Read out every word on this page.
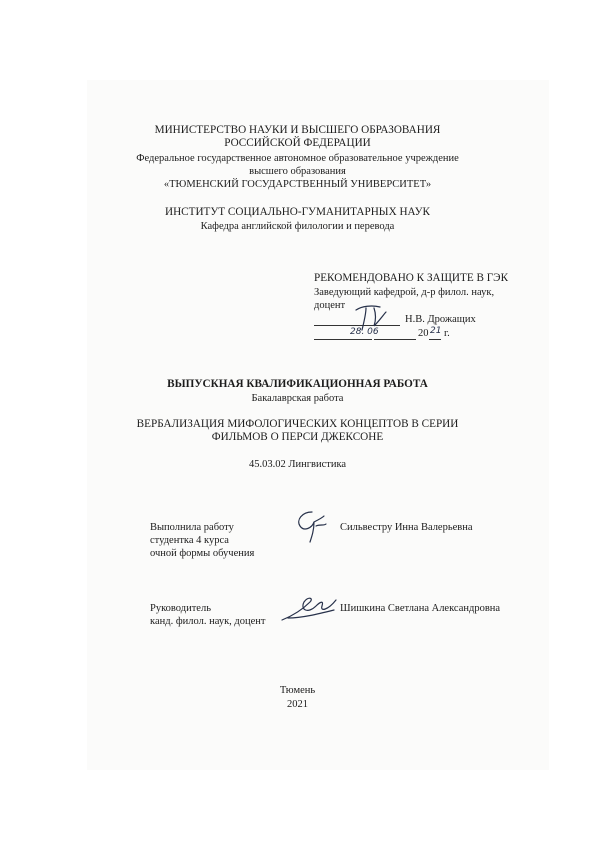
МИНИСТЕРСТВО НАУКИ И ВЫСШЕГО ОБРАЗОВАНИЯ
РОССИЙСКОЙ ФЕДЕРАЦИИ
Федеральное государственное автономное образовательное учреждение
высшего образования
«ТЮМЕНСКИЙ ГОСУДАРСТВЕННЫЙ УНИВЕРСИТЕТ»
ИНСТИТУТ СОЦИАЛЬНО-ГУМАНИТАРНЫХ НАУК
Кафедра английской филологии и перевода
РЕКОМЕНДОВАНО К ЗАЩИТЕ В ГЭК
Заведующий кафедрой, д-р филол. наук,
доцент
Н.В. Дрожащих
28. 06	20 21 г.
ВЫПУСКНАЯ КВАЛИФИКАЦИОННАЯ РАБОТА
Бакалаврская работа
ВЕРБАЛИЗАЦИЯ МИФОЛОГИЧЕСКИХ КОНЦЕПТОВ В СЕРИИ
ФИЛЬМОВ О ПЕРСИ ДЖЕКСОНЕ
45.03.02 Лингвистика
Выполнила работу
студентка 4 курса
очной формы обучения
Сильвестру Инна Валерьевна
Руководитель
канд. филол. наук, доцент
Шишкина Светлана Александровна
Тюмень
2021
